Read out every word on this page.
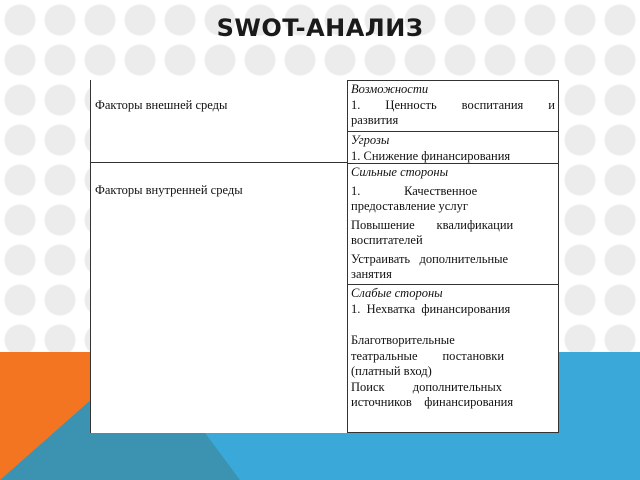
SWOT-АНАЛИЗ
Факторы внешней среды
Факторы внутренней среды

Возможности

1.  Ценность  воспитания  и

развития

Угрозы

1. Снижение финансирования

Сильные стороны

1.              Качественное

предоставление услуг

Повышение       квалификации

воспитателей

Устраивать   дополнительные

занятия

Слабые стороны

1.  Нехватка  финансирования

Благотворительные

театральные        постановки

(платный вход)

Поиск         дополнительных

источников    финансирования
